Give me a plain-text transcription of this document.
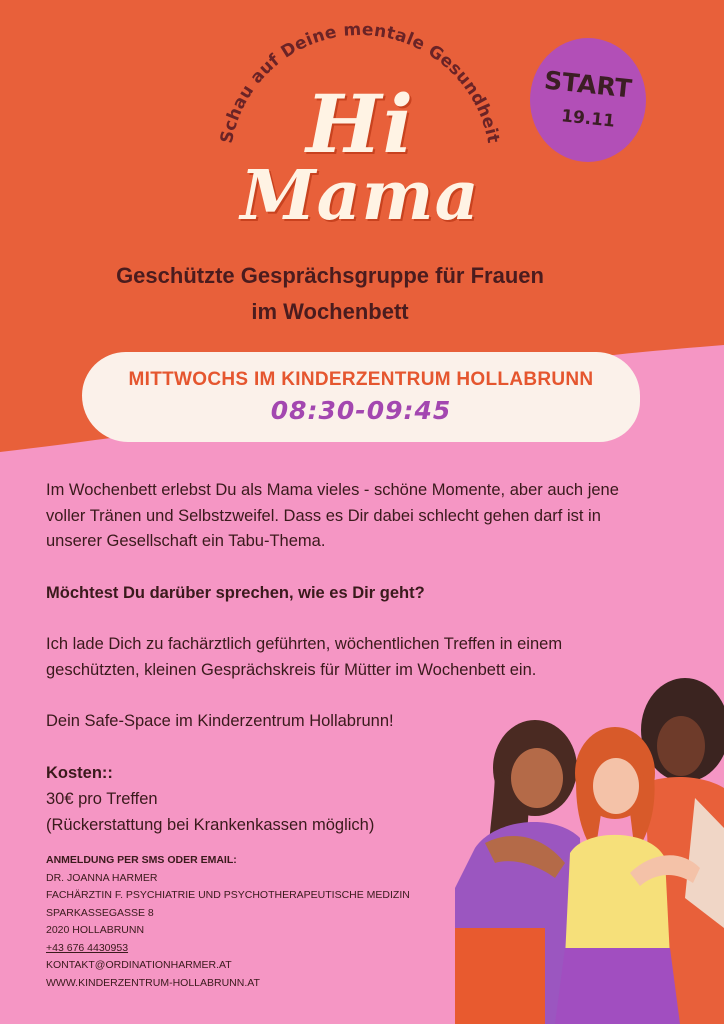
Schau auf Deine mentale Gesundheit
Hi
Mama
START
19.11
Geschützte Gesprächsgruppe für Frauen
im Wochenbett
MITTWOCHS IM KINDERZENTRUM HOLLABRUNN
08:30-09:45

Im Wochenbett erlebst Du als Mama vieles - schöne Momente, aber auch jene voller Tränen und Selbstzweifel. Dass es Dir dabei schlecht gehen darf ist in unserer Gesellschaft ein Tabu-Thema.

Möchtest Du darüber sprechen, wie es Dir geht?

Ich lade Dich zu fachärztlich geführten, wöchentlichen Treffen in einem geschützten, kleinen Gesprächskreis für Mütter im Wochenbett ein.

Dein Safe-Space im Kinderzentrum Hollabrunn!

Kosten::
30€ pro Treffen
(Rückerstattung bei Krankenkassen möglich)
ANMELDUNG PER SMS ODER EMAIL:
DR. JOANNA HARMER
FACHÄRZTIN F. PSYCHIATRIE UND PSYCHOTHERAPEUTISCHE MEDIZIN
SPARKASSEGASSE 8
2020 HOLLABRUNN
+43 676 4430953
KONTAKT@ORDINATIONHARMER.AT
WWW.KINDERZENTRUM-HOLLABRUNN.AT
